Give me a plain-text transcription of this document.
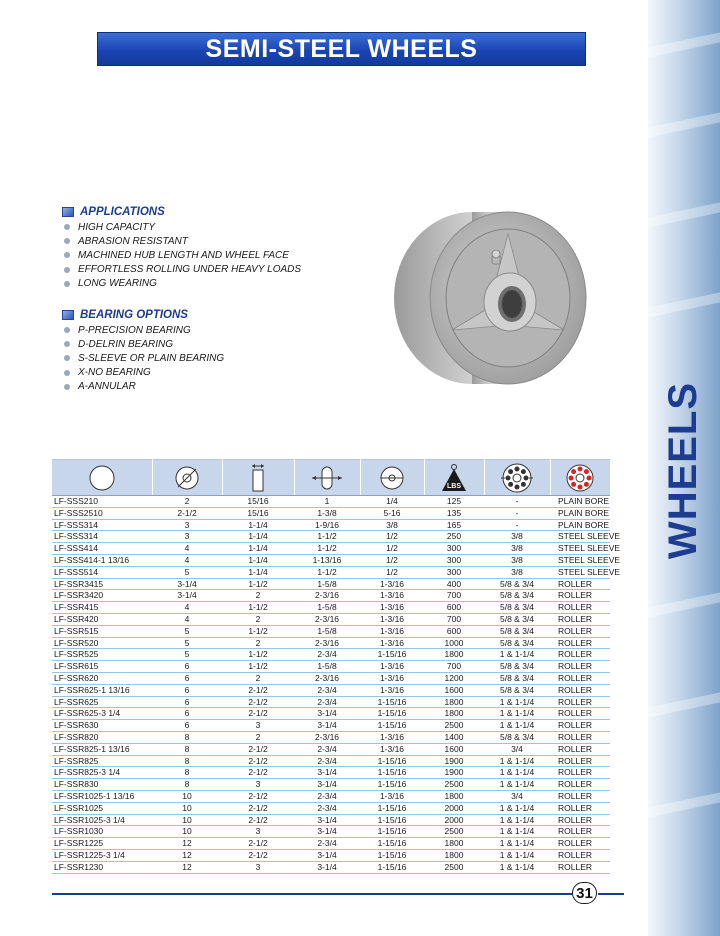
WHEELS
SEMI-STEEL WHEELS
APPLICATIONS
HIGH CAPACITY
ABRASION RESISTANT
MACHINED HUB LENGTH AND WHEEL FACE
EFFORTLESS ROLLING UNDER HEAVY LOADS
LONG WEARING
BEARING OPTIONS
P-PRECISION BEARING
D-DELRIN BEARING
S-SLEEVE OR PLAIN BEARING
X-NO BEARING
A-ANNULAR

LBS

LF-SSS210	2	15/16	1	1/4	125	-	PLAIN BORE
LF-SSS2510	2-1/2	15/16	1-3/8	5-16	135	-	PLAIN BORE
LF-SSS314	3	1-1/4	1-9/16	3/8	165	-	PLAIN BORE
LF-SSS314	3	1-1/4	1-1/2	1/2	250	3/8	STEEL SLEEVE
LF-SSS414	4	1-1/4	1-1/2	1/2	300	3/8	STEEL SLEEVE
LF-SSS414-1 13/16	4	1-1/4	1-13/16	1/2	300	3/8	STEEL SLEEVE
LF-SSS514	5	1-1/4	1-1/2	1/2	300	3/8	STEEL SLEEVE
LF-SSR3415	3-1/4	1-1/2	1-5/8	1-3/16	400	5/8 & 3/4	ROLLER
LF-SSR3420	3-1/4	2	2-3/16	1-3/16	700	5/8 & 3/4	ROLLER
LF-SSR415	4	1-1/2	1-5/8	1-3/16	600	5/8 & 3/4	ROLLER
LF-SSR420	4	2	2-3/16	1-3/16	700	5/8 & 3/4	ROLLER
LF-SSR515	5	1-1/2	1-5/8	1-3/16	600	5/8 & 3/4	ROLLER
LF-SSR520	5	2	2-3/16	1-3/16	1000	5/8 & 3/4	ROLLER
LF-SSR525	5	1-1/2	2-3/4	1-15/16	1800	1 & 1-1/4	ROLLER
LF-SSR615	6	1-1/2	1-5/8	1-3/16	700	5/8 & 3/4	ROLLER
LF-SSR620	6	2	2-3/16	1-3/16	1200	5/8 & 3/4	ROLLER
LF-SSR625-1 13/16	6	2-1/2	2-3/4	1-3/16	1600	5/8 & 3/4	ROLLER
LF-SSR625	6	2-1/2	2-3/4	1-15/16	1800	1 & 1-1/4	ROLLER
LF-SSR625-3 1/4	6	2-1/2	3-1/4	1-15/16	1800	1 & 1-1/4	ROLLER
LF-SSR630	6	3	3-1/4	1-15/16	2500	1 & 1-1/4	ROLLER
LF-SSR820	8	2	2-3/16	1-3/16	1400	5/8 & 3/4	ROLLER
LF-SSR825-1 13/16	8	2-1/2	2-3/4	1-3/16	1600	3/4	ROLLER
LF-SSR825	8	2-1/2	2-3/4	1-15/16	1900	1 & 1-1/4	ROLLER
LF-SSR825-3 1/4	8	2-1/2	3-1/4	1-15/16	1900	1 & 1-1/4	ROLLER
LF-SSR830	8	3	3-1/4	1-15/16	2500	1 & 1-1/4	ROLLER
LF-SSR1025-1 13/16	10	2-1/2	2-3/4	1-3/16	1800	3/4	ROLLER
LF-SSR1025	10	2-1/2	2-3/4	1-15/16	2000	1 & 1-1/4	ROLLER
LF-SSR1025-3 1/4	10	2-1/2	3-1/4	1-15/16	2000	1 & 1-1/4	ROLLER
LF-SSR1030	10	3	3-1/4	1-15/16	2500	1 & 1-1/4	ROLLER
LF-SSR1225	12	2-1/2	2-3/4	1-15/16	1800	1 & 1-1/4	ROLLER
LF-SSR1225-3 1/4	12	2-1/2	3-1/4	1-15/16	1800	1 & 1-1/4	ROLLER
LF-SSR1230	12	3	3-1/4	1-15/16	2500	1 & 1-1/4	ROLLER
31
